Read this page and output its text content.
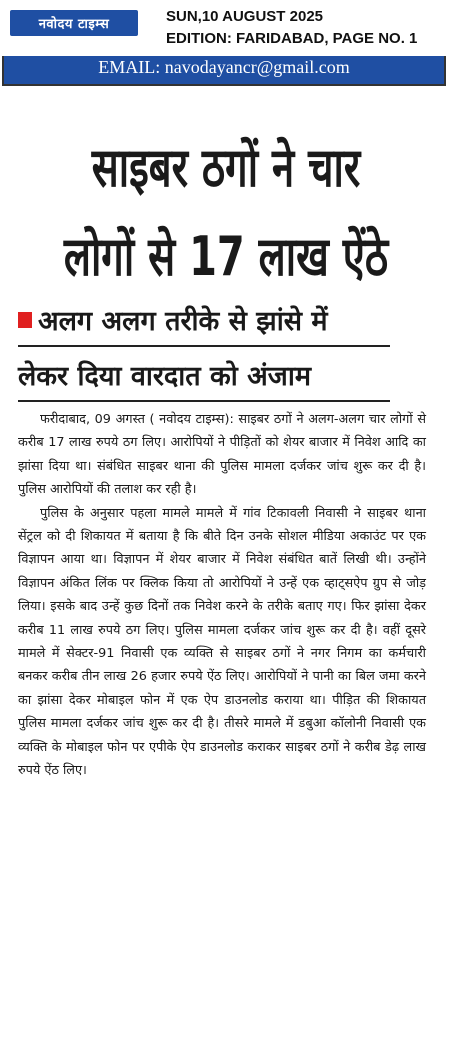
नवोदय टाइम्स	SUN,10 AUGUST 2025
EDITION: FARIDABAD, PAGE NO. 1
EMAIL: navodayancr@gmail.com
साइबर ठगों ने चार
लोगों से 17 लाख ऐंठे
अलग अलग तरीके से झांसे में
लेकर दिया वारदात को अंजाम

फरीदाबाद, 09 अगस्त ( नवोदय टाइम्स): साइबर ठगों ने अलग-अलग चार लोगों से करीब 17 लाख रुपये ठग लिए। आरोपियों ने पीड़ितों को शेयर बाजार में निवेश आदि का झांसा दिया था। संबंधित साइबर थाना की पुलिस मामला दर्जकर जांच शुरू कर दी है। पुलिस आरोपियों की तलाश कर रही है।

पुलिस के अनुसार पहला मामले मामले में गांव टिकावली निवासी ने साइबर थाना सेंट्रल को दी शिकायत में बताया है कि बीते दिन उनके सोशल मीडिया अकाउंट पर एक विज्ञापन आया था। विज्ञापन में शेयर बाजार में निवेश संबंधित बातें लिखी थी। उन्होंने विज्ञापन अंकित लिंक पर क्लिक किया तो आरोपियों ने उन्हें एक व्हाट्सऐप ग्रुप से जोड़ लिया। इसके बाद उन्हें कुछ दिनों तक निवेश करने के तरीके बताए गए। फिर झांसा देकर करीब 11 लाख रुपये ठग लिए। पुलिस मामला दर्जकर जांच शुरू कर दी है। वहीं दूसरे मामले में सेक्टर-91 निवासी एक व्यक्ति से साइबर ठगों ने नगर निगम का कर्मचारी बनकर करीब तीन लाख 26 हजार रुपये ऐंठ लिए। आरोपियों ने पानी का बिल जमा करने का झांसा देकर मोबाइल फोन में एक ऐप डाउनलोड कराया था। पीड़ित की शिकायत पुलिस मामला दर्जकर जांच शुरू कर दी है। तीसरे मामले में डबुआ कॉलोनी निवासी एक व्यक्ति के मोबाइल फोन पर एपीके ऐप डाउनलोड कराकर साइबर ठगों ने करीब डेढ़ लाख रुपये ऐंठ लिए।
